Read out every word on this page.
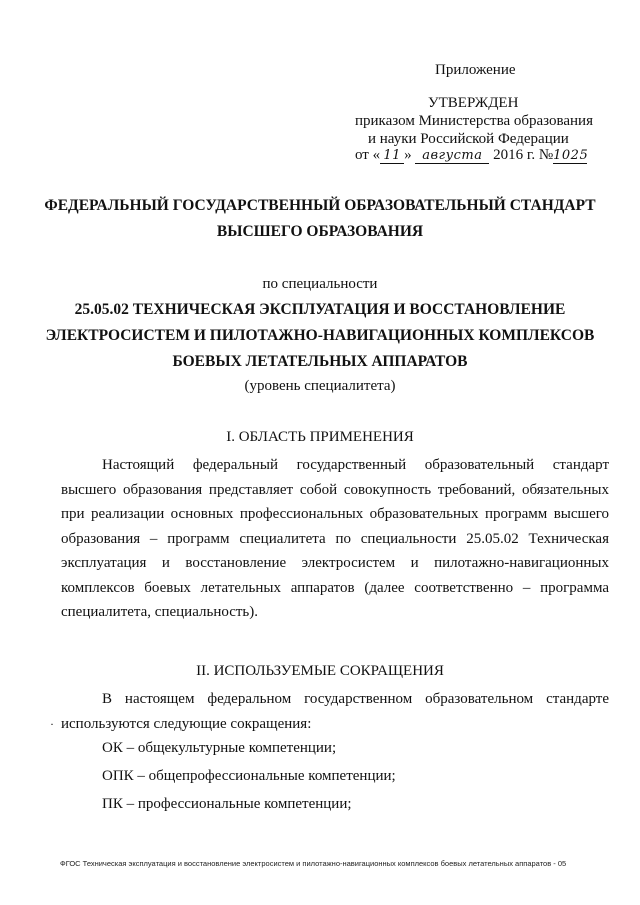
Приложение
УТВЕРЖДЕН
приказом Министерства образования
и науки Российской Федерации
от « 11 » августа 2016 г. №1025
ФЕДЕРАЛЬНЫЙ ГОСУДАРСТВЕННЫЙ ОБРАЗОВАТЕЛЬНЫЙ СТАНДАРТ
ВЫСШЕГО ОБРАЗОВАНИЯ
по специальности
25.05.02 ТЕХНИЧЕСКАЯ ЭКСПЛУАТАЦИЯ И ВОССТАНОВЛЕНИЕ
ЭЛЕКТРОСИСТЕМ И ПИЛОТАЖНО-НАВИГАЦИОННЫХ КОМПЛЕКСОВ
БОЕВЫХ ЛЕТАТЕЛЬНЫХ АППАРАТОВ
(уровень специалитета)
I. ОБЛАСТЬ ПРИМЕНЕНИЯ
Настоящий федеральный государственный образовательный стандарт
высшего образования представляет собой совокупность требований, обязательных
при реализации основных профессиональных образовательных программ высшего
образования – программ специалитета по специальности 25.05.02 Техническая
эксплуатация и восстановление электросистем и пилотажно-навигационных
комплексов боевых летательных аппаратов (далее соответственно – программа
специалитета, специальность).
II. ИСПОЛЬЗУЕМЫЕ СОКРАЩЕНИЯ
В настоящем федеральном государственном образовательном стандарте
используются следующие сокращения:
·
ОК – общекультурные компетенции;
ОПК – общепрофессиональные компетенции;
ПК – профессиональные компетенции;
ФГОС Техническая эксплуатация и восстановление электросистем и пилотажно-навигационных комплексов боевых летательных аппаратов - 05
